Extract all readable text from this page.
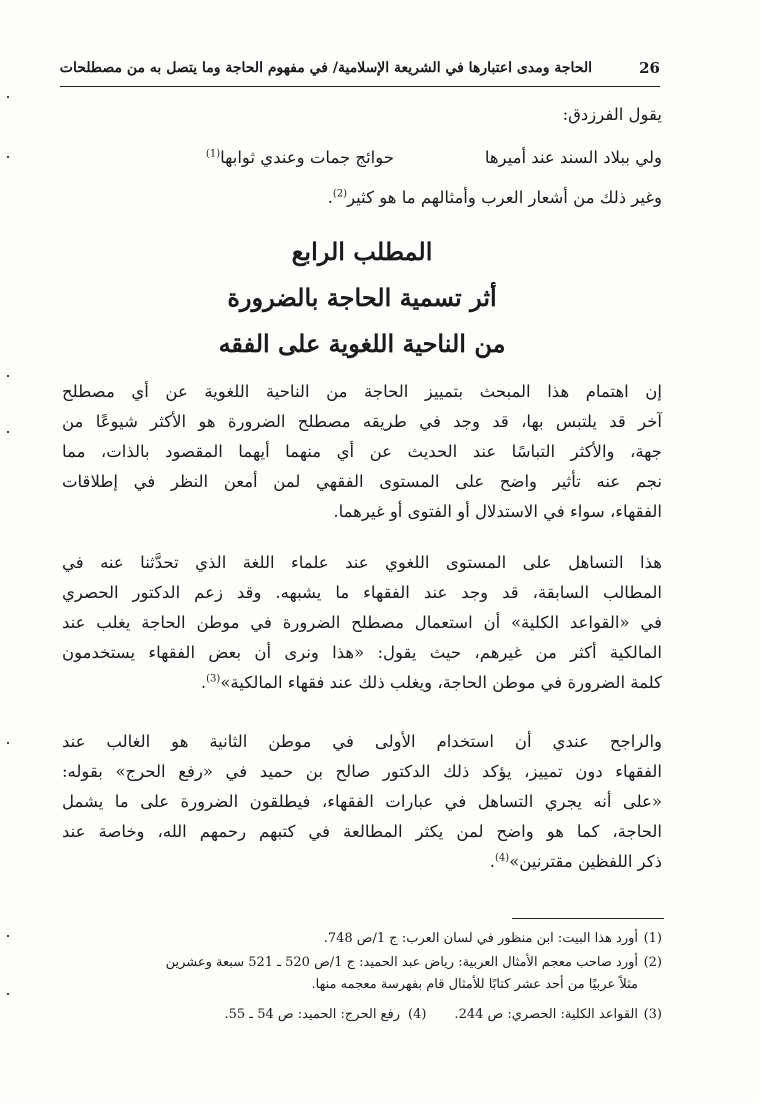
26
الحاجة ومدى اعتبارها في الشريعة الإسلامية/ في مفهوم الحاجة وما يتصل به من مصطلحات
يقول الفرزدق:
ولي ببلاد السند عند أميرها
حوائج جمات وعندي ثوابها$^{(1)}$
وغير ذلك من أشعار العرب وأمثالهم ما هو كثير$^{(2)}$.
المطلب الرابع
أثر تسمية الحاجة بالضرورة
من الناحية اللغوية على الفقه
إن اهتمام هذا المبحث بتمييز الحاجة من الناحية اللغوية عن أي مصطلح
آخر قد يلتبس بها، قد وجد في طريقه مصطلح الضرورة هو الأكثر شيوعًا من
جهة، والأكثر التباسًا عند الحديث عن أي منهما أيهما المقصود بالذات، مما
نجم عنه تأثير واضح على المستوى الفقهي لمن أمعن النظر في إطلاقات
الفقهاء، سواء في الاستدلال أو الفتوى أو غيرهما.
هذا التساهل على المستوى اللغوي عند علماء اللغة الذي تحدَّثنا عنه في
المطالب السابقة، قد وجد عند الفقهاء ما يشبهه. وقد زعم الدكتور الحصري
في «القواعد الكلية» أن استعمال مصطلح الضرورة في موطن الحاجة يغلب عند
المالكية أكثر من غيرهم، حيث يقول: «هذا ونرى أن بعض الفقهاء يستخدمون
كلمة الضرورة في موطن الحاجة، ويغلب ذلك عند فقهاء المالكية»$^{(3)}$.
والراجح عندي أن استخدام الأولى في موطن الثانية هو الغالب عند
الفقهاء دون تمييز، يؤكد ذلك الدكتور صالح بن حميد في «رفع الحرج» بقوله:
«على أنه يجري التساهل في عبارات الفقهاء، فيطلقون الضرورة على ما يشمل
الحاجة، كما هو واضح لمن يكثر المطالعة في كتبهم رحمهم الله، وخاصة عند
ذكر اللفظين مقترنين»$^{(4)}$.
(1)أورد هذا البيت: ابن منظور في لسان العرب: ج 1/ص 748.
(2)أورد صاحب معجم الأمثال العربية: رياض عبد الحميد: ج 1/ص 520 ـ 521 سبعة وعشرين
مثلاً عربيًا من أحد عشر كتابًا للأمثال قام بفهرسة معجمه منها.
(3)القواعد الكلية: الحصري: ص 244.(4)رفع الحرج: الحميد: ص 54 ـ 55.
